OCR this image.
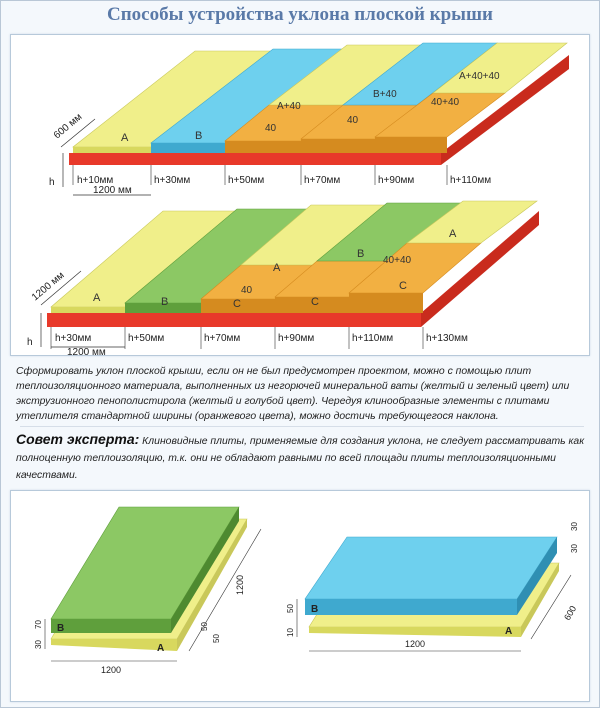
Способы устройства уклона плоской крыши
A	B
40
A+40
40
B+40
40+40
A+40+40
600 мм
h
1200 мм
h+10мм	h+30мм	h+50мм	h+70мм	h+90мм	h+110мм
A	B	C
40
C
C
40+40
A
B
A
1200 мм
h
1200 мм
h+30мм	h+50мм	h+70мм	h+90мм	h+110мм	h+130мм
Сформировать уклон плоской крыши, если он не был предусмотрен проектом, можно с помощью плит теплоизоляционного материала, выполненных из негорючей минеральной ваты (желтый и зеленый цвет) или экструзионного пенополистирола (желтый и голубой цвет). Чередуя клинообразные элементы с плитами утеплителя стандартной ширины (оранжевого цвета), можно достичь требующегося наклона.
Совет эксперта: Клиновидные плиты, применяемые для создания уклона, не следует рассматривать как полноценную теплоизоляцию, т.к. они не обладают равными по всей площади плиты теплоизоляционными качествами.
B
A
70
30
50
50
1200
1200
B
A
50
10
30
30
1200
600
